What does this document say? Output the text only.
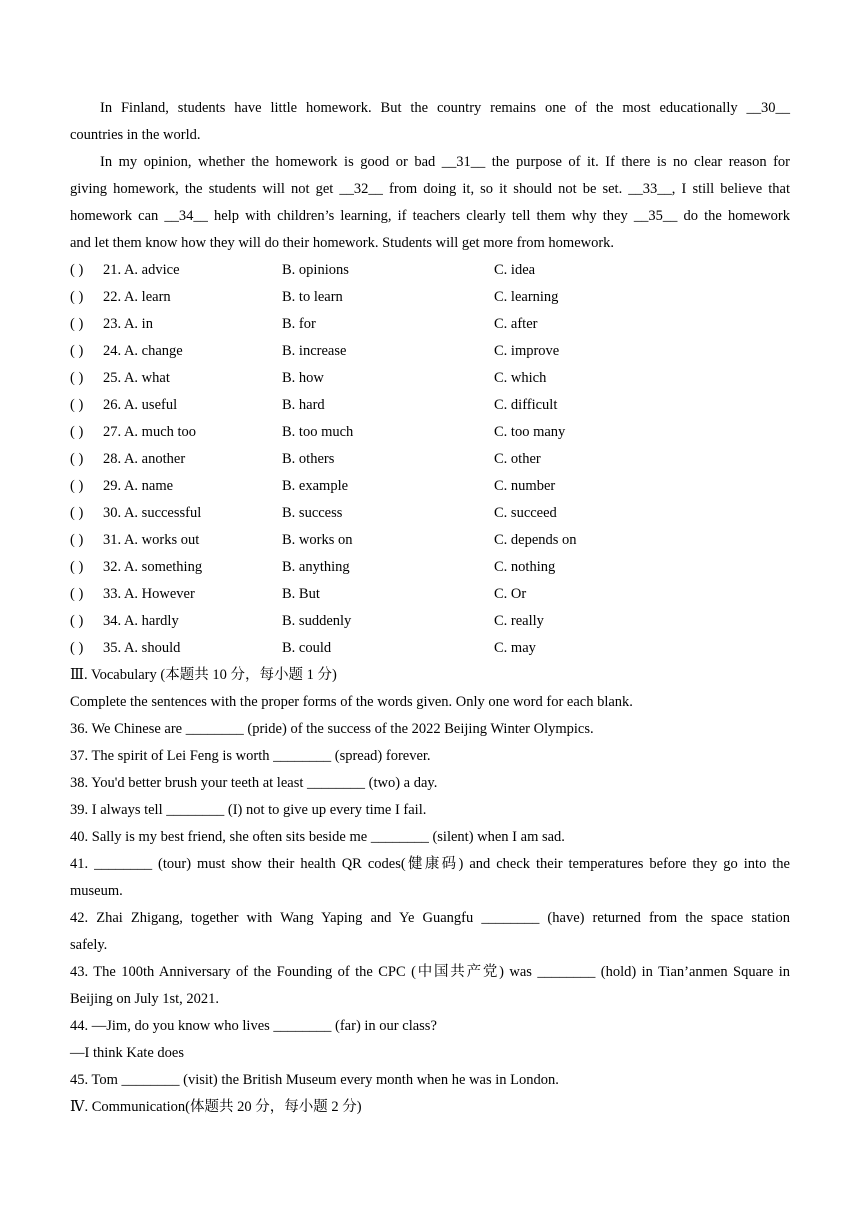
In Finland, students have little homework. But the country remains one of the most educationally __30__
countries in the world.
In my opinion, whether the homework is good or bad __31__ the purpose of it. If there is no clear reason for
giving homework, the students will not get __32__ from doing it, so it should not be set. __33__, I still believe that
homework can __34__ help with children’s learning, if teachers clearly tell them why they __35__ do the homework
and let them know how they will do their homework. Students will get more from homework.
( ) 21. A. advice	B. opinions	C. idea
( ) 22. A. learn	B. to learn	C. learning
( ) 23. A. in	B. for	C. after
( ) 24. A. change	B. increase	C. improve
( ) 25. A. what	B. how	C. which
( ) 26. A. useful	B. hard	C. difficult
( ) 27. A. much too	B. too much	C. too many
( ) 28. A. another	B. others	C. other
( ) 29. A. name	B. example	C. number
( ) 30. A. successful	B. success	C. succeed
( ) 31. A. works out	B. works on	C. depends on
( ) 32. A. something	B. anything	C. nothing
( ) 33. A. However	B. But	C. Or
( ) 34. A. hardly	B. suddenly	C. really
( ) 35. A. should	B. could	C. may
Ⅲ. Vocabulary (本题共 10 分，每小题 1 分)
Complete the sentences with the proper forms of the words given. Only one word for each blank.
36. We Chinese are ________ (pride) of the success of the 2022 Beijing Winter Olympics.
37. The spirit of Lei Feng is worth ________ (spread) forever.
38. You'd better brush your teeth at least ________ (two) a day.
39. I always tell ________ (I) not to give up every time I fail.
40. Sally is my best friend, she often sits beside me ________ (silent) when I am sad.
41. ________ (tour) must show their health QR codes(健康码) and check their temperatures before they go into the
museum.
42. Zhai Zhigang, together with Wang Yaping and Ye Guangfu ________ (have) returned from the space station
safely.
43. The 100th Anniversary of the Founding of the CPC (中国共产党) was ________ (hold) in Tian’anmen Square in
Beijing on July 1st, 2021.
44. —Jim, do you know who lives ________ (far) in our class?
—I think Kate does
45. Tom ________ (visit) the British Museum every month when he was in London.
Ⅳ. Communication(体题共 20 分，每小题 2 分)
